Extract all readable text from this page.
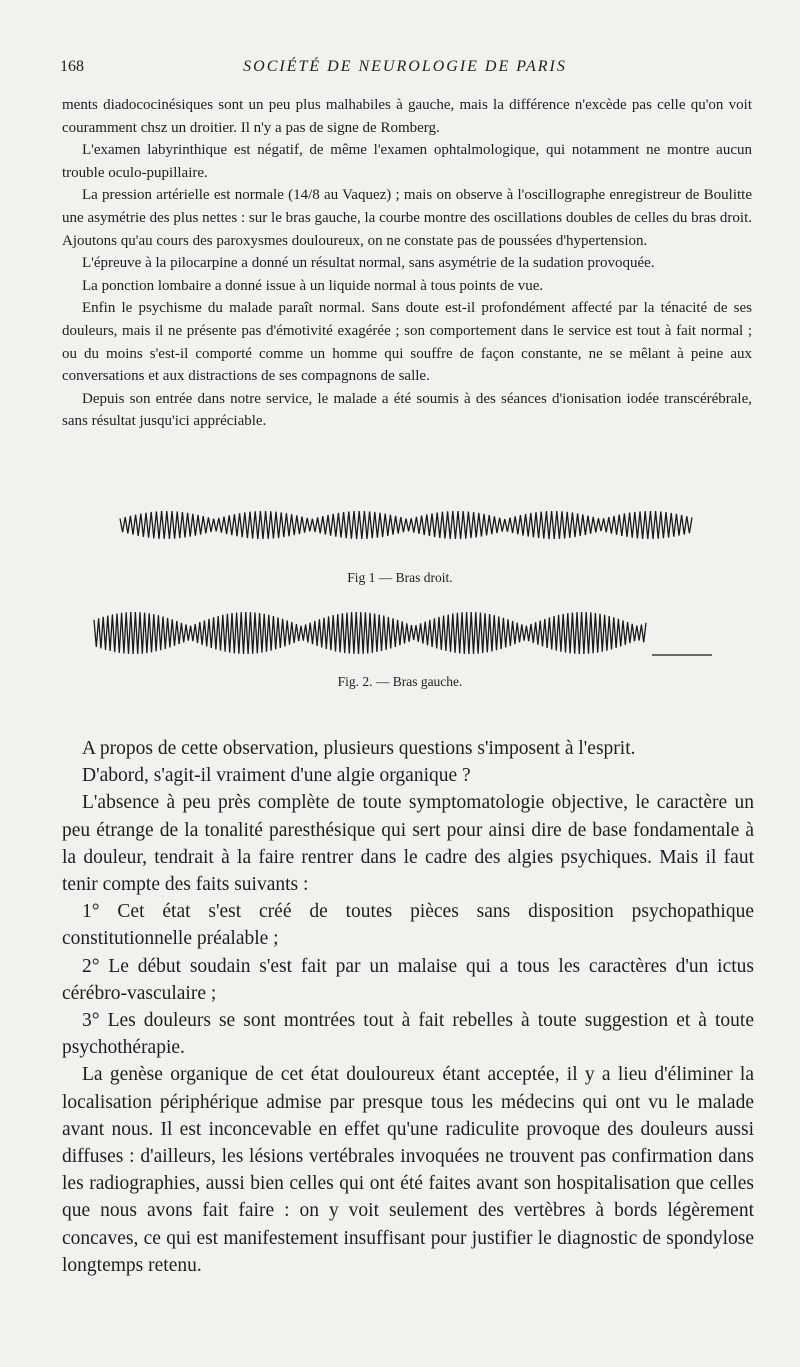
168	SOCIÉTÉ DE NEUROLOGIE DE PARIS

ments diadococinésiques sont un peu plus malhabiles à gauche, mais la différence n'excède pas celle qu'on voit couramment chsz un droitier. Il n'y a pas de signe de Romberg.

L'examen labyrinthique est négatif, de même l'examen ophtalmologique, qui notamment ne montre aucun trouble oculo-pupillaire.

La pression artérielle est normale (14/8 au Vaquez) ; mais on observe à l'oscillographe enregistreur de Boulitte une asymétrie des plus nettes : sur le bras gauche, la courbe montre des oscillations doubles de celles du bras droit. Ajoutons qu'au cours des paroxysmes douloureux, on ne constate pas de poussées d'hypertension.

L'épreuve à la pilocarpine a donné un résultat normal, sans asymétrie de la sudation provoquée.

La ponction lombaire a donné issue à un liquide normal à tous points de vue.

Enfin le psychisme du malade paraît normal. Sans doute est-il profondément affecté par la ténacité de ses douleurs, mais il ne présente pas d'émotivité exagérée ; son comportement dans le service est tout à fait normal ; ou du moins s'est-il comporté comme un homme qui souffre de façon constante, ne se mêlant à peine aux conversations et aux distractions de ses compagnons de salle.

Depuis son entrée dans notre service, le malade a été soumis à des séances d'ionisation iodée transcérébrale, sans résultat jusqu'ici appréciable.

Fig 1 — Bras droit.
Fig. 2. — Bras gauche.

A propos de cette observation, plusieurs questions s'imposent à l'esprit.

D'abord, s'agit-il vraiment d'une algie organique ?

L'absence à peu près complète de toute symptomatologie objective, le caractère un peu étrange de la tonalité paresthésique qui sert pour ainsi dire de base fondamentale à la douleur, tendrait à la faire rentrer dans le cadre des algies psychiques. Mais il faut tenir compte des faits suivants :

1° Cet état s'est créé de toutes pièces sans disposition psychopathique constitutionnelle préalable ;

2° Le début soudain s'est fait par un malaise qui a tous les caractères d'un ictus cérébro-vasculaire ;

3° Les douleurs se sont montrées tout à fait rebelles à toute suggestion et à toute psychothérapie.

La genèse organique de cet état douloureux étant acceptée, il y a lieu d'éliminer la localisation périphérique admise par presque tous les médecins qui ont vu le malade avant nous. Il est inconcevable en effet qu'une radiculite provoque des douleurs aussi diffuses : d'ailleurs, les lésions vertébrales invoquées ne trouvent pas confirmation dans les radiographies, aussi bien celles qui ont été faites avant son hospitalisation que celles que nous avons fait faire : on y voit seulement des vertèbres à bords légèrement concaves, ce qui est manifestement insuffisant pour justifier le diagnostic de spondylose longtemps retenu.
